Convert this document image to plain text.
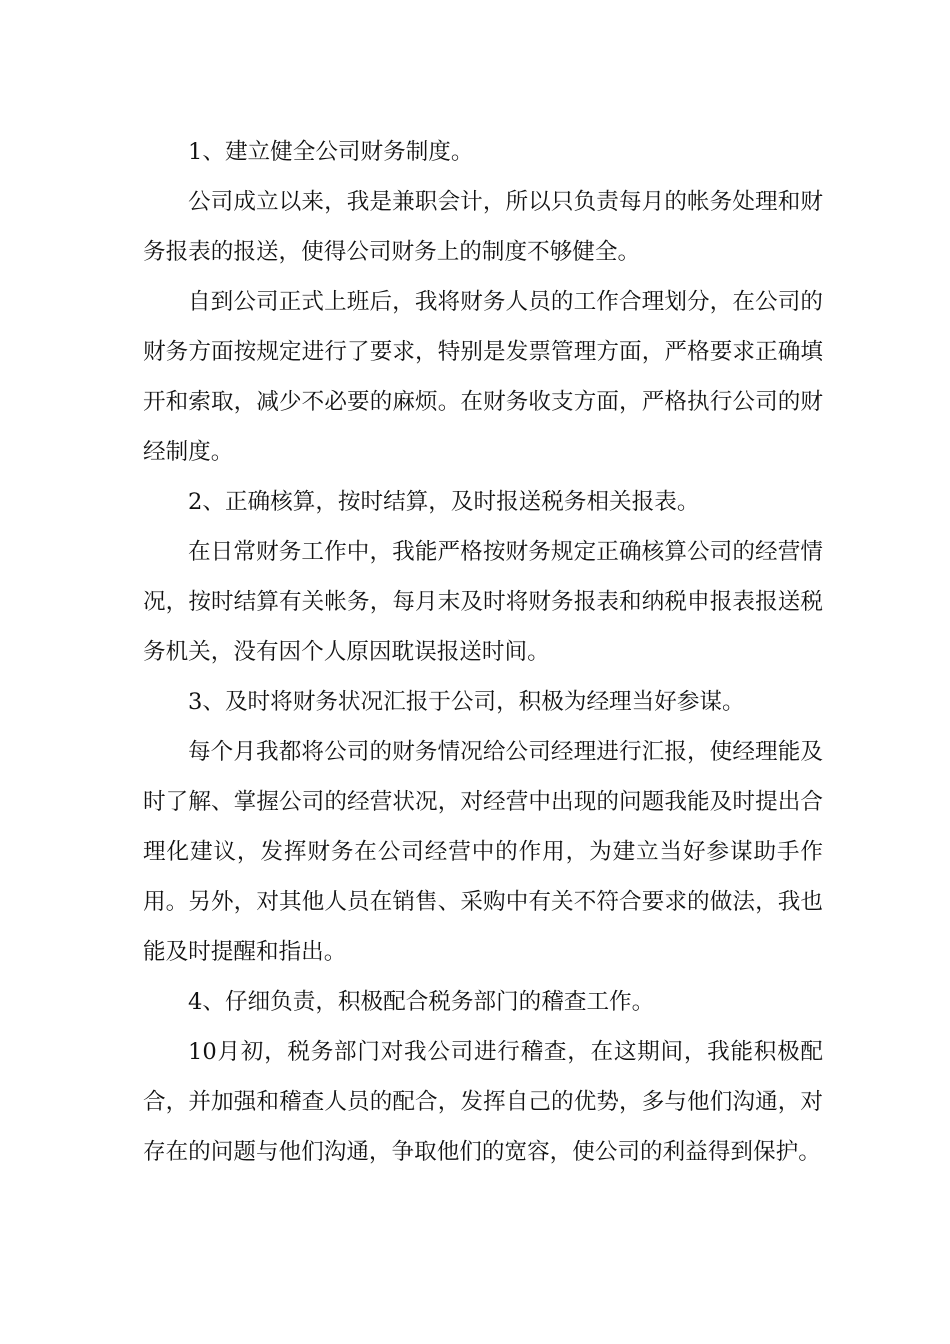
1、建立健全公司财务制度。

公司成立以来，我是兼职会计，所以只负责每月的帐务处理和财务报表的报送，使得公司财务上的制度不够健全。

自到公司正式上班后，我将财务人员的工作合理划分，在公司的财务方面按规定进行了要求，特别是发票管理方面，严格要求正确填开和索取，减少不必要的麻烦。在财务收支方面，严格执行公司的财经制度。

2、正确核算，按时结算，及时报送税务相关报表。

在日常财务工作中，我能严格按财务规定正确核算公司的经营情况，按时结算有关帐务，每月末及时将财务报表和纳税申报表报送税务机关，没有因个人原因耽误报送时间。

3、及时将财务状况汇报于公司，积极为经理当好参谋。

每个月我都将公司的财务情况给公司经理进行汇报，使经理能及时了解、掌握公司的经营状况，对经营中出现的问题我能及时提出合理化建议，发挥财务在公司经营中的作用，为建立当好参谋助手作用。另外，对其他人员在销售、采购中有关不符合要求的做法，我也能及时提醒和指出。

4、仔细负责，积极配合税务部门的稽查工作。

10月初，税务部门对我公司进行稽查，在这期间，我能积极配合，并加强和稽查人员的配合，发挥自己的优势，多与他们沟通，对存在的问题与他们沟通，争取他们的宽容，使公司的利益得到保护。
